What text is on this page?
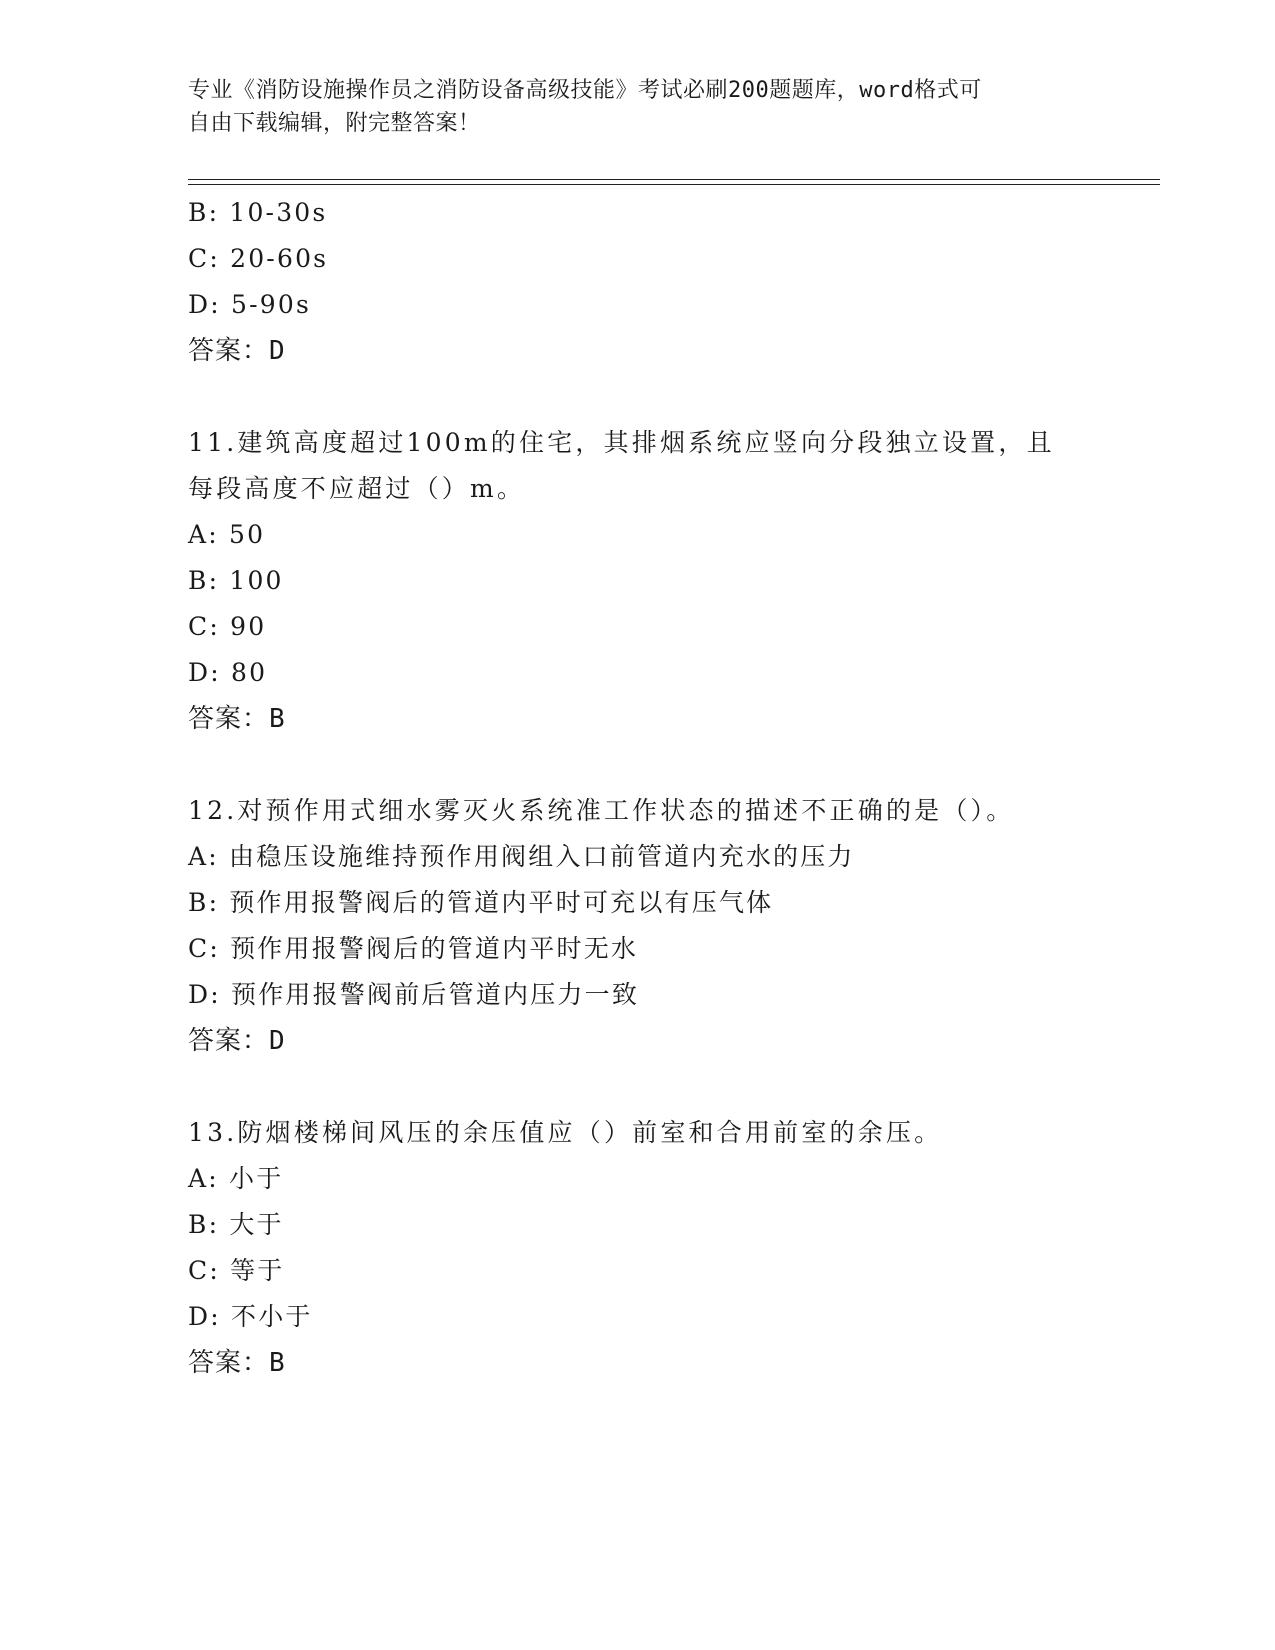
专业《消防设施操作员之消防设备高级技能》考试必刷200题题库，word格式可
自由下载编辑，附完整答案！
B: 10-30s
C: 20-60s
D: 5-90s
答案：D
11.建筑高度超过100m的住宅，其排烟系统应竖向分段独立设置，且
每段高度不应超过（）m。
A: 50
B: 100
C: 90
D: 80
答案：B
12.对预作用式细水雾灭火系统准工作状态的描述不正确的是（）。
A: 由稳压设施维持预作用阀组入口前管道内充水的压力
B: 预作用报警阀后的管道内平时可充以有压气体
C: 预作用报警阀后的管道内平时无水
D: 预作用报警阀前后管道内压力一致
答案：D
13.防烟楼梯间风压的余压值应（）前室和合用前室的余压。
A: 小于
B: 大于
C: 等于
D: 不小于
答案：B
